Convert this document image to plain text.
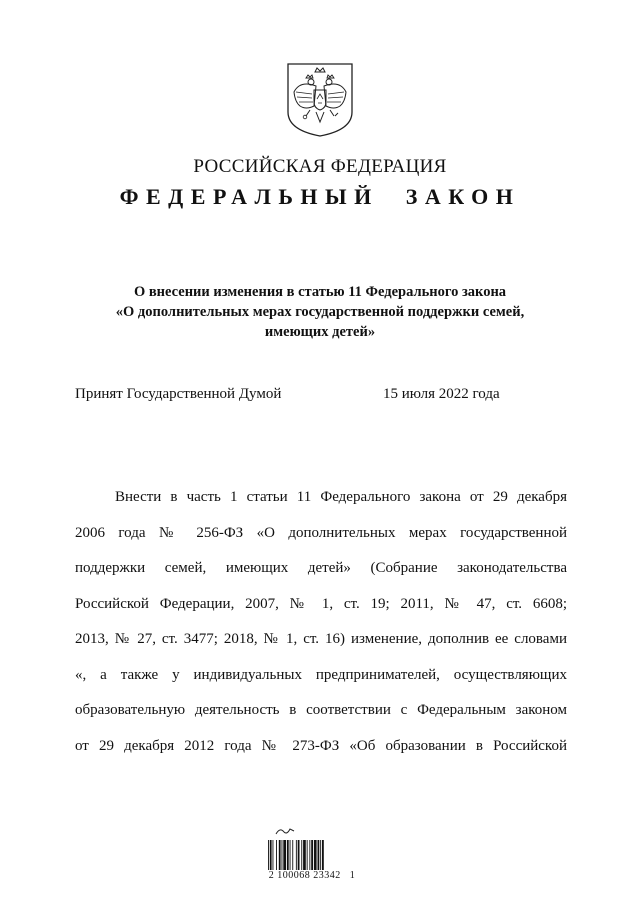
РОССИЙСКАЯ ФЕДЕРАЦИЯ
ФЕДЕРАЛЬНЫЙ ЗАКОН
О внесении изменения в статью 11 Федерального закона
«О дополнительных мерах государственной поддержки семей,
имеющих детей»
Принят Государственной Думой	15 июля 2022 года
Внести в часть 1 статьи 11 Федерального закона от 29 декабря
2006 года № 256-ФЗ «О дополнительных мерах государственной
поддержки семей, имеющих детей» (Собрание законодательства
Российской Федерации, 2007, № 1, ст. 19; 2011, № 47, ст. 6608;
2013, № 27, ст. 3477; 2018, № 1, ст. 16) изменение, дополнив ее словами
«, а также у индивидуальных предпринимателей, осуществляющих
образовательную деятельность в соответствии с Федеральным законом
от 29 декабря 2012 года № 273-ФЗ «Об образовании в Российской
2 100068 23342   1
